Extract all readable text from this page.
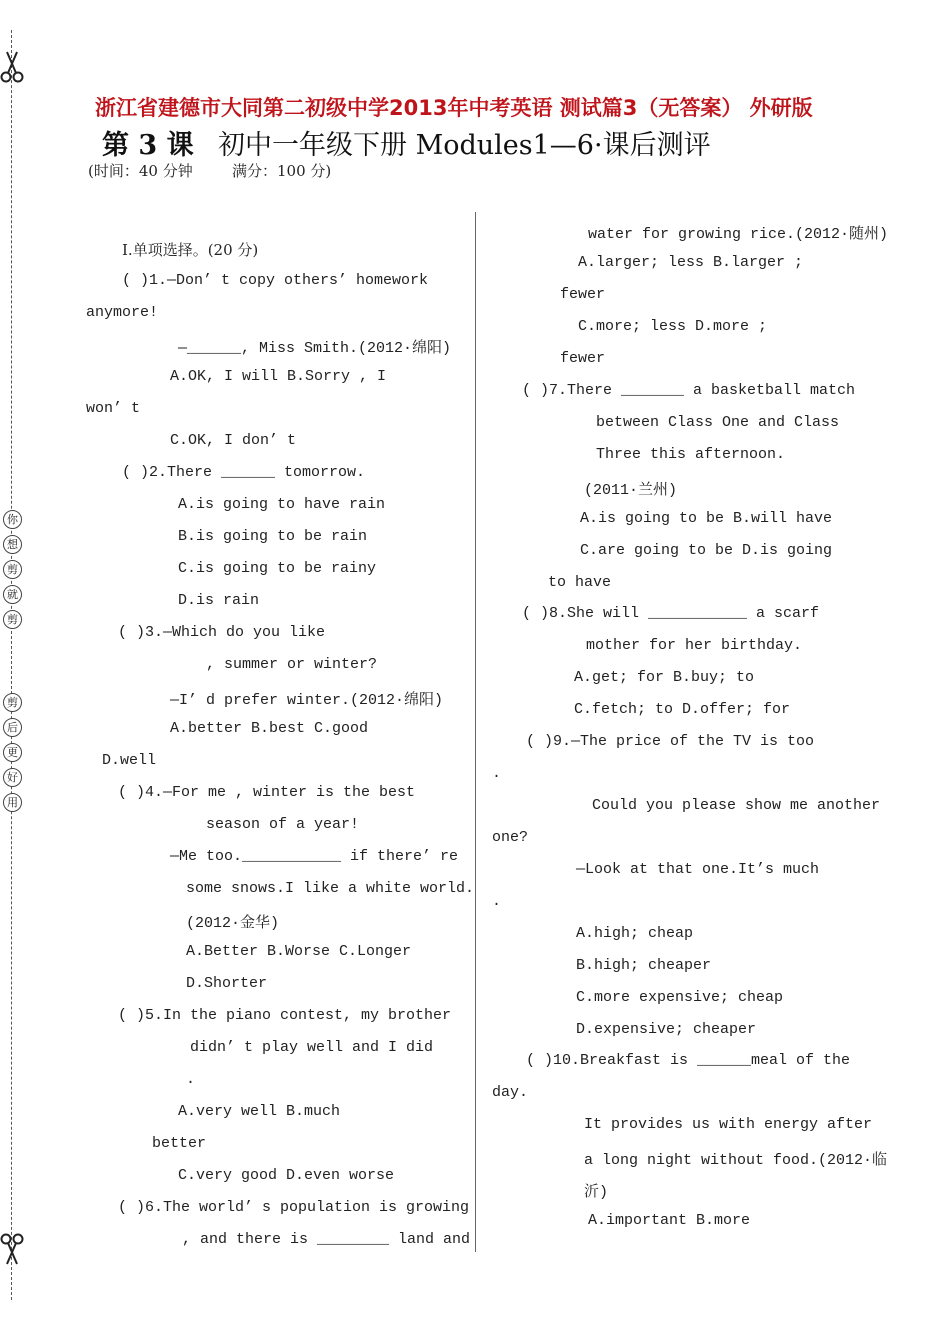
你
想
剪
就
剪
剪
后
更
好
用
浙江省建德市大同第二初级中学2013年中考英语 测试篇3（无答案） 外研版
第 3 课 初中一年级下册 Modules1—6·课后测评
(时间：40 分钟	满分：100 分)
Ⅰ.单项选择。(20 分)
( )1.—Don’ t copy others’ homework
anymore!
—______, Miss Smith.(2012·绵阳)
A.OK, I will B.Sorry , I
won’ t
C.OK, I don’ t
( )2.There ______ tomorrow.
A.is going to have rain
B.is going to be rain
C.is going to be rainy
D.is rain
( )3.—Which do you like
, summer or winter?
—I’ d prefer winter.(2012·绵阳)
A.better B.best C.good
D.well
( )4.—For me , winter is the best
season of a year!
—Me too.___________ if there’ re
some snows.I like a white world.
(2012·金华)
A.Better B.Worse C.Longer
D.Shorter
( )5.In the piano contest, my brother
didn’ t play well and I did
.
A.very well B.much
better
C.very good D.even worse
( )6.The world’ s population is growing
, and there is ________ land and
water for growing rice.(2012·随州)
A.larger; less B.larger ;
fewer
C.more; less D.more ;
fewer
( )7.There _______ a basketball match
between Class One and Class
Three this afternoon.
(2011·兰州)
A.is going to be B.will have
C.are going to be D.is going
to have
( )8.She will ___________ a scarf
mother for her birthday.
A.get; for B.buy; to
C.fetch; to D.offer; for
( )9.—The price of the TV is too
.
Could you please show me another
one?
—Look at that one.It’s much
.
A.high; cheap
B.high; cheaper
C.more expensive; cheap
D.expensive; cheaper
( )10.Breakfast is ______meal of the
day.
It provides us with energy after
a long night without food.(2012·临
沂)
A.important B.more
